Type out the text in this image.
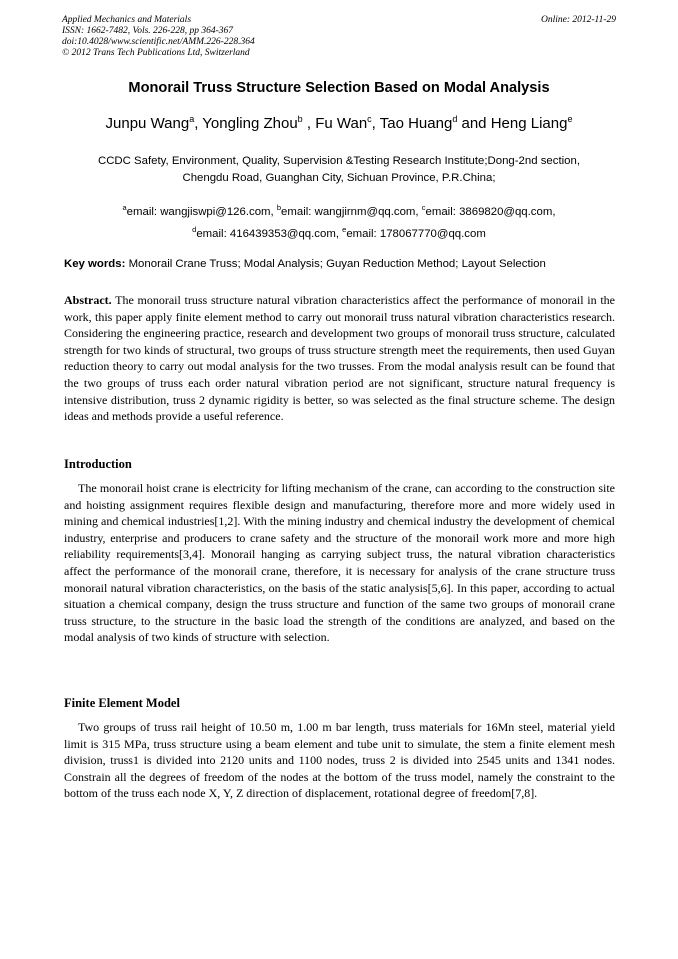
Applied Mechanics and Materials	Online: 2012-11-29
ISSN: 1662-7482, Vols. 226-228, pp 364-367
doi:10.4028/www.scientific.net/AMM.226-228.364
© 2012 Trans Tech Publications Ltd, Switzerland
Monorail Truss Structure Selection Based on Modal Analysis
Junpu Wang$^a$, Yongling Zhou$^b$ , Fu Wan$^c$, Tao Huang$^d$ and Heng Liang$^e$
CCDC Safety, Environment, Quality, Supervision &Testing Research Institute;Dong-2nd section,
Chengdu Road, Guanghan City, Sichuan Province, P.R.China;
$^a$email: wangjiswpi@126.com, $^b$email: wangjirnm@qq.com, $^c$email: 3869820@qq.com,
$^d$email: 416439353@qq.com, $^e$email: 178067770@qq.com
Key words: Monorail Crane Truss; Modal Analysis; Guyan Reduction Method; Layout Selection
Abstract. The monorail truss structure natural vibration characteristics affect the performance of monorail in the work, this paper apply finite element method to carry out monorail truss natural vibration characteristics research. Considering the engineering practice, research and development two groups of monorail truss structure, calculated strength for two kinds of structural, two groups of truss structure strength meet the requirements, then used Guyan reduction theory to carry out modal analysis for the two trusses. From the modal analysis result can be found that the two groups of truss each order natural vibration period are not significant, structure natural frequency is intensive distribution, truss 2 dynamic rigidity is better, so was selected as the final structure scheme. The design ideas and methods provide a useful reference.
Introduction
The monorail hoist crane is electricity for lifting mechanism of the crane, can according to the construction site and hoisting assignment requires flexible design and manufacturing, therefore more and more widely used in mining and chemical industries[1,2]. With the mining industry and chemical industry the development of chemical industry, enterprise and producers to crane safety and the structure of the monorail work more and more high reliability requirements[3,4]. Monorail hanging as carrying subject truss, the natural vibration characteristics affect the performance of the monorail crane, therefore, it is necessary for analysis of the crane structure truss monorail natural vibration characteristics, on the basis of the static analysis[5,6]. In this paper, according to actual situation a chemical company, design the truss structure and function of the same two groups of monorail crane truss structure, to the structure in the basic load the strength of the conditions are analyzed, and based on the modal analysis of two kinds of structure with selection.
Finite Element Model
Two groups of truss rail height of 10.50 m, 1.00 m bar length, truss materials for 16Mn steel, material yield limit is 315 MPa, truss structure using a beam element and tube unit to simulate, the stem a finite element mesh division, truss1 is divided into 2120 units and 1100 nodes, truss 2 is divided into 2545 units and 1341 nodes. Constrain all the degrees of freedom of the nodes at the bottom of the truss model, namely the constraint to the bottom of the truss each node X, Y, Z direction of displacement, rotational degree of freedom[7,8].
